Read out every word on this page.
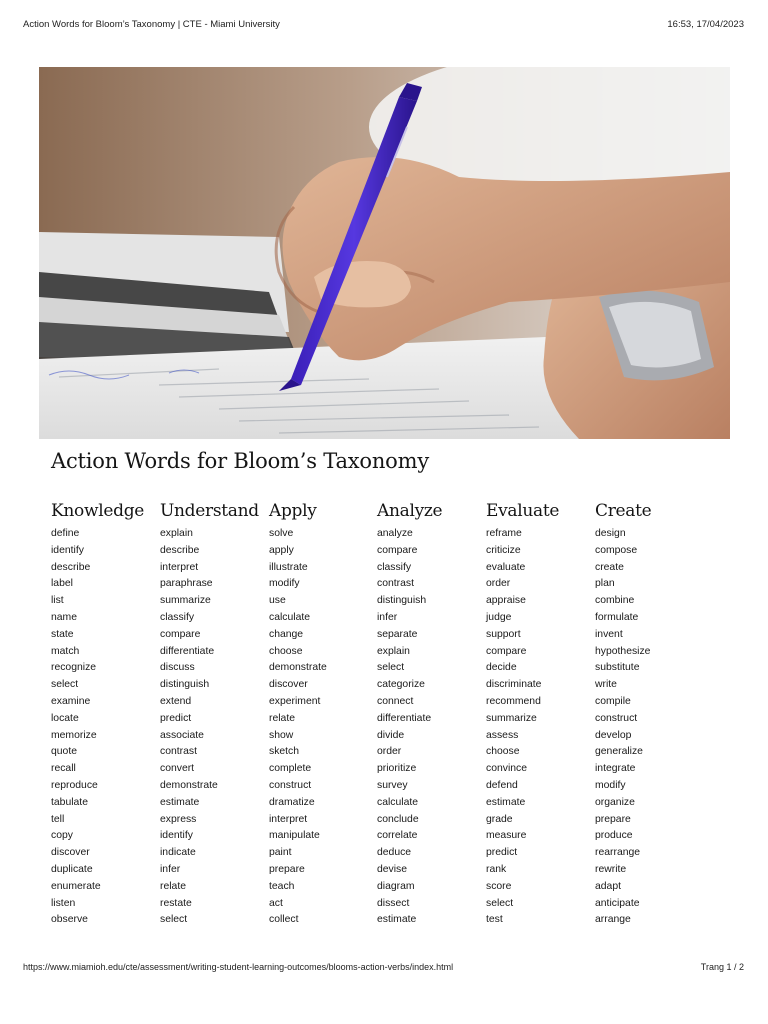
Action Words for Bloom’s Taxonomy | CTE - Miami University	16:53, 17/04/2023
Action Words for Bloom’s Taxonomy
Knowledge
define
identify
describe
label
list
name
state
match
recognize
select
examine
locate
memorize
quote
recall
reproduce
tabulate
tell
copy
discover
duplicate
enumerate
listen
observe
Understand
explain
describe
interpret
paraphrase
summarize
classify
compare
differentiate
discuss
distinguish
extend
predict
associate
contrast
convert
demonstrate
estimate
express
identify
indicate
infer
relate
restate
select
Apply
solve
apply
illustrate
modify
use
calculate
change
choose
demonstrate
discover
experiment
relate
show
sketch
complete
construct
dramatize
interpret
manipulate
paint
prepare
teach
act
collect
Analyze
analyze
compare
classify
contrast
distinguish
infer
separate
explain
select
categorize
connect
differentiate
divide
order
prioritize
survey
calculate
conclude
correlate
deduce
devise
diagram
dissect
estimate
Evaluate
reframe
criticize
evaluate
order
appraise
judge
support
compare
decide
discriminate
recommend
summarize
assess
choose
convince
defend
estimate
grade
measure
predict
rank
score
select
test
Create
design
compose
create
plan
combine
formulate
invent
hypothesize
substitute
write
compile
construct
develop
generalize
integrate
modify
organize
prepare
produce
rearrange
rewrite
adapt
anticipate
arrange
https://www.miamioh.edu/cte/assessment/writing-student-learning-outcomes/blooms-action-verbs/index.html	Trang 1 / 2
